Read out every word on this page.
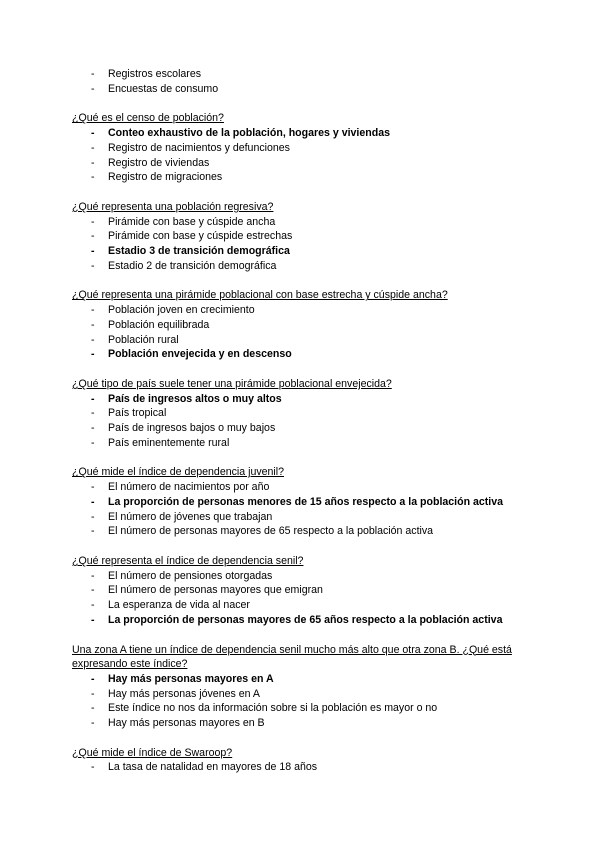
- Registros escolares
- Encuestas de consumo

¿Qué es el censo de población?

- Conteo exhaustivo de la población, hogares y viviendas
- Registro de nacimientos y defunciones
- Registro de viviendas
- Registro de migraciones

¿Qué representa una población regresiva?

- Pirámide con base y cúspide ancha
- Pirámide con base y cúspide estrechas
- Estadio 3 de transición demográfica
- Estadio 2 de transición demográfica

¿Qué representa una pirámide poblacional con base estrecha y cúspide ancha?

- Población joven en crecimiento
- Población equilibrada
- Población rural
- Población envejecida y en descenso

¿Qué tipo de país suele tener una pirámide poblacional envejecida?

- País de ingresos altos o muy altos
- País tropical
- País de ingresos bajos o muy bajos
- País eminentemente rural

¿Qué mide el índice de dependencia juvenil?

- El número de nacimientos por año
- La proporción de personas menores de 15 años respecto a la población activa
- El número de jóvenes que trabajan
- El número de personas mayores de 65 respecto a la población activa

¿Qué representa el índice de dependencia senil?

- El número de pensiones otorgadas
- El número de personas mayores que emigran
- La esperanza de vida al nacer
- La proporción de personas mayores de 65 años respecto a la población activa

Una zona A tiene un índice de dependencia senil mucho más alto que otra zona B. ¿Qué está expresando este índice?

- Hay más personas mayores en A
- Hay más personas jóvenes en A
- Este índice no nos da información sobre si la población es mayor o no
- Hay más personas mayores en B

¿Qué mide el índice de Swaroop?

- La tasa de natalidad en mayores de 18 años
